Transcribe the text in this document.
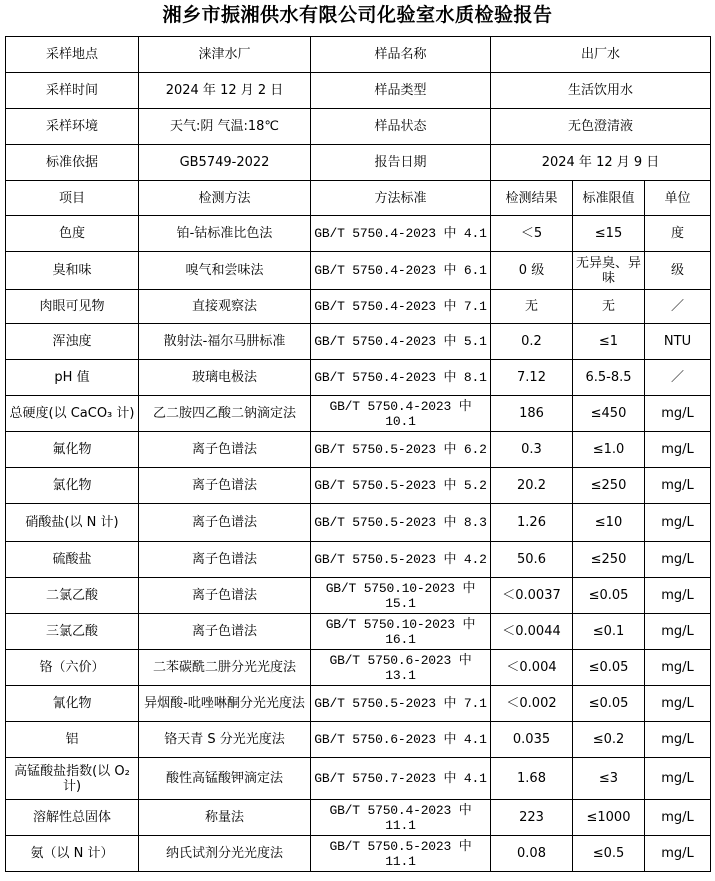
湘乡市振湘供水有限公司化验室水质检验报告
采样地点	涞津水厂	样品名称	出厂水		
采样时间	2024 年 12 月 2 日	样品类型	生活饮用水		
采样环境	天气:阴 气温:18℃	样品状态	无色澄清液		
标准依据	GB5749-2022	报告日期	2024 年 12 月 9 日		
项目	检测方法	方法标准	检测结果	标准限值	单位
色度	铂-钴标准比色法	GB/T 5750.4-2023 中 4.1	＜5	≤15	度
臭和味	嗅气和尝味法	GB/T 5750.4-2023 中 6.1	0 级	无异臭、异味	级
肉眼可见物	直接观察法	GB/T 5750.4-2023 中 7.1	无	无	／
浑浊度	散射法-福尔马肼标准	GB/T 5750.4-2023 中 5.1	0.2	≤1	NTU
pH 值	玻璃电极法	GB/T 5750.4-2023 中 8.1	7.12	6.5-8.5	／
总硬度(以 CaCO₃ 计)	乙二胺四乙酸二钠滴定法	GB/T 5750.4-2023 中 10.1	186	≤450	mg/L
氟化物	离子色谱法	GB/T 5750.5-2023 中 6.2	0.3	≤1.0	mg/L
氯化物	离子色谱法	GB/T 5750.5-2023 中 5.2	20.2	≤250	mg/L
硝酸盐(以 N 计)	离子色谱法	GB/T 5750.5-2023 中 8.3	1.26	≤10	mg/L
硫酸盐	离子色谱法	GB/T 5750.5-2023 中 4.2	50.6	≤250	mg/L
二氯乙酸	离子色谱法	GB/T 5750.10-2023 中 15.1	＜0.0037	≤0.05	mg/L
三氯乙酸	离子色谱法	GB/T 5750.10-2023 中 16.1	＜0.0044	≤0.1	mg/L
铬（六价）	二苯碳酰二肼分光光度法	GB/T 5750.6-2023 中 13.1	＜0.004	≤0.05	mg/L
氰化物	异烟酸-吡唑啉酮分光光度法	GB/T 5750.5-2023 中 7.1	＜0.002	≤0.05	mg/L
铝	铬天青 S 分光光度法	GB/T 5750.6-2023 中 4.1	0.035	≤0.2	mg/L
高锰酸盐指数(以 O₂计)	酸性高锰酸钾滴定法	GB/T 5750.7-2023 中 4.1	1.68	≤3	mg/L
溶解性总固体	称量法	GB/T 5750.4-2023 中 11.1	223	≤1000	mg/L
氨（以 N 计）	纳氏试剂分光光度法	GB/T 5750.5-2023 中 11.1	0.08	≤0.5	mg/L
